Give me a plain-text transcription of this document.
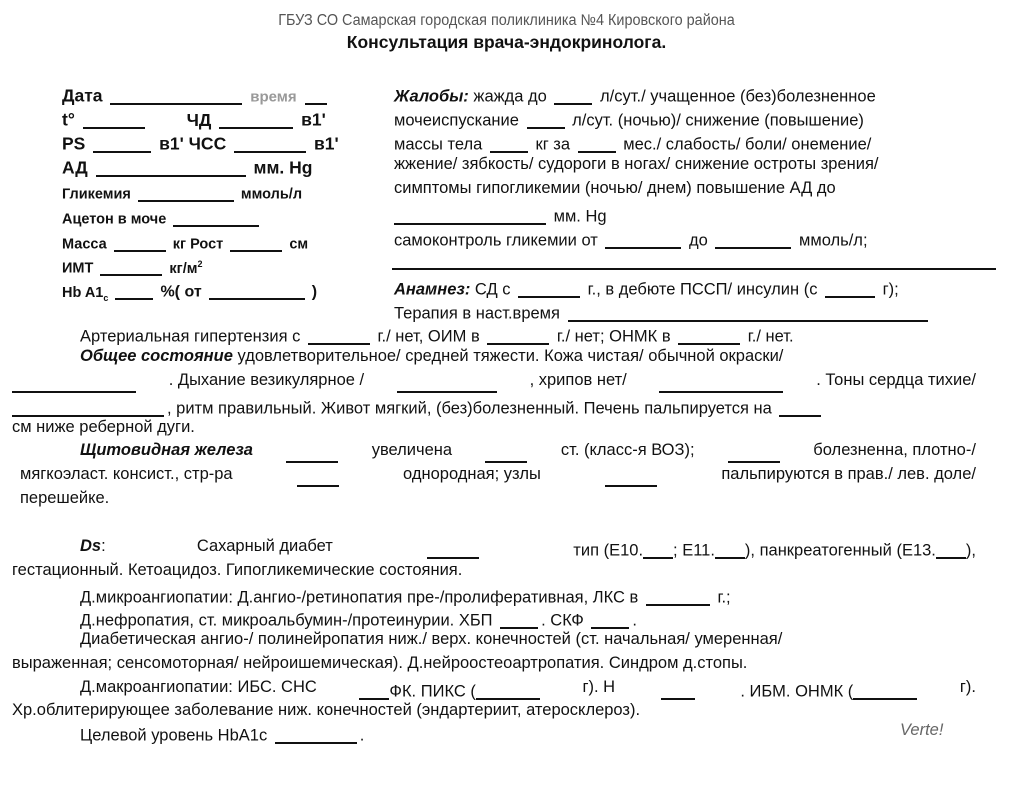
ГБУЗ СО Самарская городская поликлиника №4 Кировского района
Консультация врача-эндокринолога.
Дата	время
t°	ЧД	в1'
PS	в1' ЧСС	в1'
АД	мм. Hg
Гликемия	ммоль/л
Ацетон в моче
Масса	кг Рост	см
ИМТ	$кг/м^2$
Hb $A1_c$	%( от	)
Жалобы: жажда до	л/сут./ учащенное (без)болезненное
мочеиспускание	л/сут. (ночью)/ снижение (повышение)
массы тела	кг за	мес./ слабость/ боли/ онемение/
жжение/ зябкость/ судороги в ногах/ снижение остроты зрения/
симптомы гипогликемии (ночью/ днем) повышение АД до
мм. Hg
самоконтроль гликемии от	до	ммоль/л;
Анамнез: СД с	г., в дебюте ПССП/ инсулин (с	г);
Терапия в наст.время
Артериальная гипертензия с	г./ нет, ОИМ в	г./ нет; ОНМК в	г./ нет.
Общее состояние удовлетворительное/ средней тяжести. Кожа чистая/ обычной окраски/
. Дыхание везикулярное /	, хрипов нет/	. Тоны сердца тихие/
, ритм правильный. Живот мягкий, (без)болезненный. Печень пальпируется на
см ниже реберной дуги.
Щитовидная железа	увеличена	ст. (класс-я ВОЗ);	болезненна, плотно-/
мягкоэласт. консист., стр-ра	однородная; узлы	пальпируются в прав./ лев. доле/
перешейке.
Ds:	Сахарный диабет	тип (Е10. ; Е11. ), панкреатогенный (Е13. ),
гестационный. Кетоацидоз. Гипогликемические состояния.
Д.микроангиопатии: Д.ангио-/ретинопатия пре-/пролиферативная, ЛКС в	г.;
Д.нефропатия, ст. микроальбумин-/протеинурии. ХБП	. СКФ	.
Диабетическая ангио-/ полинейропатия ниж./ верх. конечностей (ст. начальная/ умеренная/
выраженная; сенсомоторная/ нейроишемическая). Д.нейроостеоартропатия. Синдром д.стопы.
Д.макроангиопатии: ИБС. СНС	ФК. ПИКС (	г). Н	. ИБМ. ОНМК (	г).
Хр.облитерирующее заболевание ниж. конечностей (эндартериит, атеросклероз).
Целевой уровень HbA1c	.	Verte!
